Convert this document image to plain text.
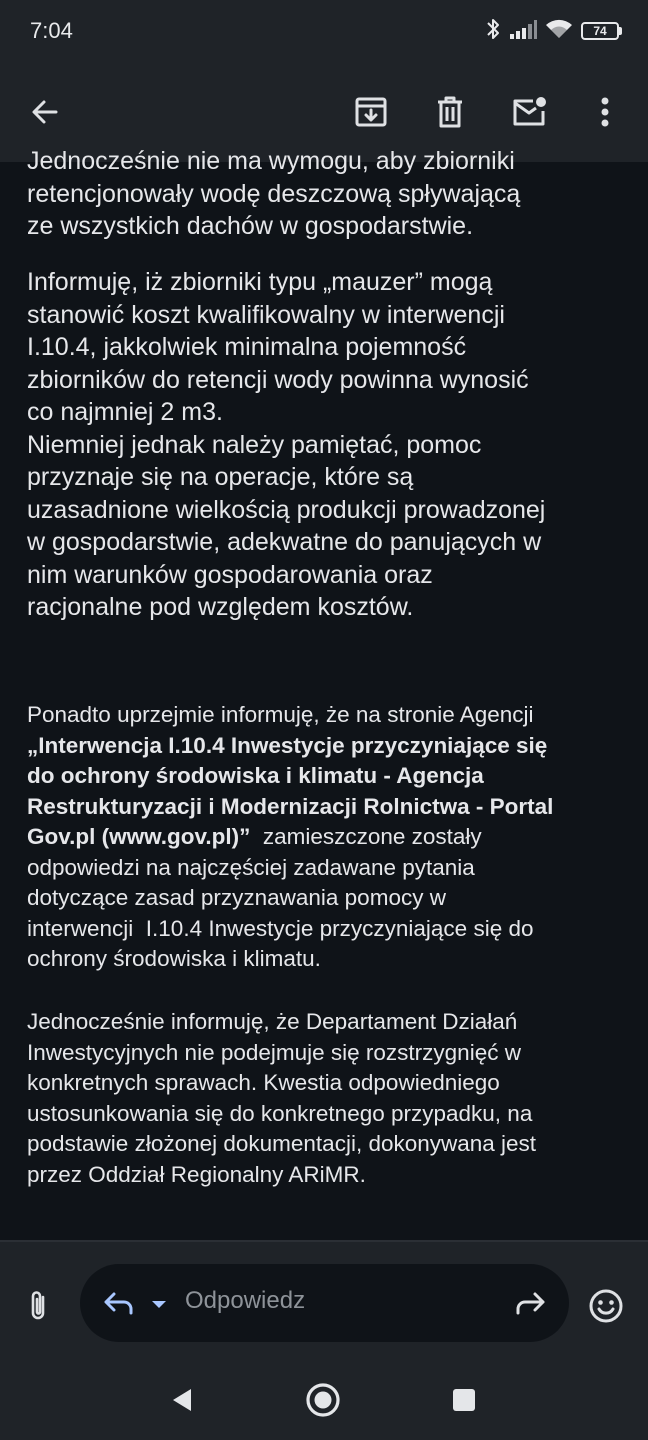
7:04	74
Jednocześnie nie ma wymogu, aby zbiorniki
retencjonowały wodę deszczową spływającą
ze wszystkich dachów w gospodarstwie.
Informuję, iż zbiorniki typu „mauzer” mogą
stanowić koszt kwalifikowalny w interwencji
I.10.4, jakkolwiek minimalna pojemność
zbiorników do retencji wody powinna wynosić
co najmniej 2 m3.
Niemniej jednak należy pamiętać, pomoc
przyznaje się na operacje, które są
uzasadnione wielkością produkcji prowadzonej
w gospodarstwie, adekwatne do panujących w
nim warunków gospodarowania oraz
racjonalne pod względem kosztów.
Ponadto uprzejmie informuję, że na stronie Agencji
„Interwencja I.10.4 Inwestycje przyczyniające się
do ochrony środowiska i klimatu - Agencja
Restrukturyzacji i Modernizacji Rolnictwa - Portal
Gov.pl (www.gov.pl)”  zamieszczone zostały
odpowiedzi na najczęściej zadawane pytania
dotyczące zasad przyznawania pomocy w
interwencji  I.10.4 Inwestycje przyczyniające się do
ochrony środowiska i klimatu.
Jednocześnie informuję, że Departament Działań
Inwestycyjnych nie podejmuje się rozstrzygnięć w
konkretnych sprawach. Kwestia odpowiedniego
ustosunkowania się do konkretnego przypadku, na
podstawie złożonej dokumentacji, dokonywana jest
przez Oddział Regionalny ARiMR.
Odpowiedz
